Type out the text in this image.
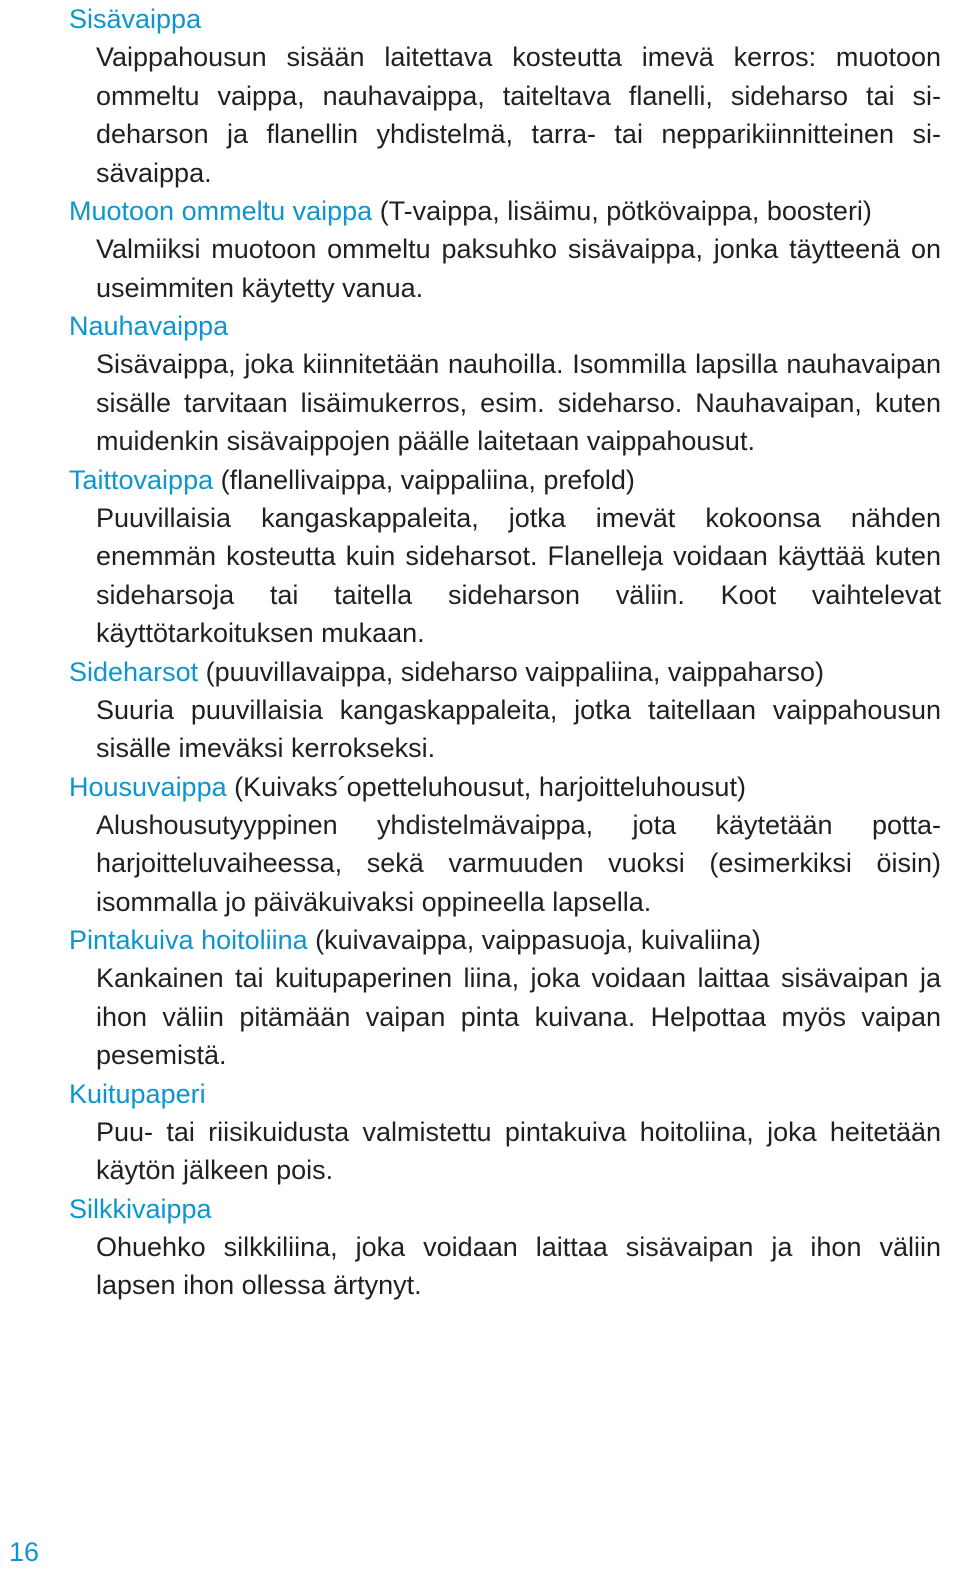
Sisävaippa
Vaippahousun sisään laitettava kosteutta imevä kerros: muotoon ommeltu vaippa, nauhavaippa, taiteltava flanelli, sideharso tai sideharson ja flanellin yhdistelmä, tarra- tai nepparikiinnitteinen sisävaippa.
Muotoon ommeltu vaippa (T-vaippa, lisäimu, pötkövaippa, boosteri)
Valmiiksi muotoon ommeltu paksuhko sisävaippa, jonka täytteenä on useimmiten käytetty vanua.
Nauhavaippa
Sisävaippa, joka kiinnitetään nauhoilla. Isommilla lapsilla nauhavaipan sisälle tarvitaan lisäimukerros, esim. sideharso. Nauhavaipan, kuten muidenkin sisävaippojen päälle laitetaan vaippahousut.
Taittovaippa (flanellivaippa, vaippaliina, prefold)
Puuvillaisia kangaskappaleita, jotka imevät kokoonsa nähden enemmän kosteutta kuin sideharsot. Flanelleja voidaan käyttää kuten sideharsoja tai taitella sideharson väliin. Koot vaihtelevat käyttötarkoituksen mukaan.
Sideharsot (puuvillavaippa, sideharso vaippaliina, vaippaharso)
Suuria puuvillaisia kangaskappaleita, jotka taitellaan vaippahousun sisälle imeväksi kerrokseksi.
Housuvaippa (Kuivaks´opetteluhousut, harjoitteluhousut)
Alushousutyyppinen yhdistelmävaippa, jota käytetään pottaharjoitteluvaiheessa, sekä varmuuden vuoksi (esimerkiksi öisin) isommalla jo päiväkuivaksi oppineella lapsella.
Pintakuiva hoitoliina (kuivavaippa, vaippasuoja, kuivaliina)
Kankainen tai kuitupaperinen liina, joka voidaan laittaa sisävaipan ja ihon väliin pitämään vaipan pinta kuivana. Helpottaa myös vaipan pesemistä.
Kuitupaperi
Puu- tai riisikuidusta valmistettu pintakuiva hoitoliina, joka heitetään käytön jälkeen pois.
Silkkivaippa
Ohuehko silkkiliina, joka voidaan laittaa sisävaipan ja ihon väliin lapsen ihon ollessa ärtynyt.
16
